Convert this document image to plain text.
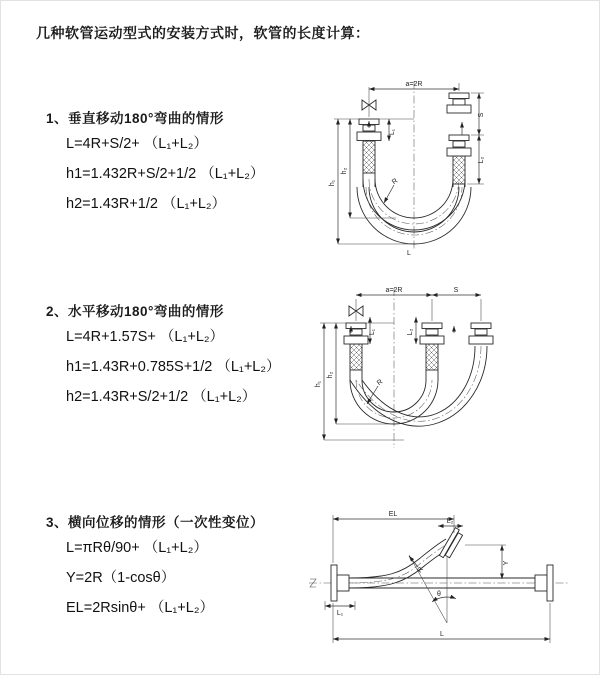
几种软管运动型式的安装方式时，软管的长度计算：
1、垂直移动180°弯曲的情形
L=4R+S/2+ （L₁+L₂）
h1=1.432R+S/2+1/2 （L₁+L₂）
h2=1.43R+1/2 （L₁+L₂）
2、水平移动180°弯曲的情形
L=4R+1.57S+ （L₁+L₂）
h1=1.43R+0.785S+1/2 （L₁+L₂）
h2=1.43R+S/2+1/2 （L₁+L₂）
3、横向位移的情形（一次性变位）
L=πRθ/90+ （L₁+L₂）
Y=2R（1-cosθ）
EL=2Rsinθ+ （L₁+L₂）
a=2R
h₁
h₂
L₁
S
L₂
R
L
a=2R	S
h₁
h₂
L₁	L₂
R
θ
EL
L₂
Y
R
L₁
L
